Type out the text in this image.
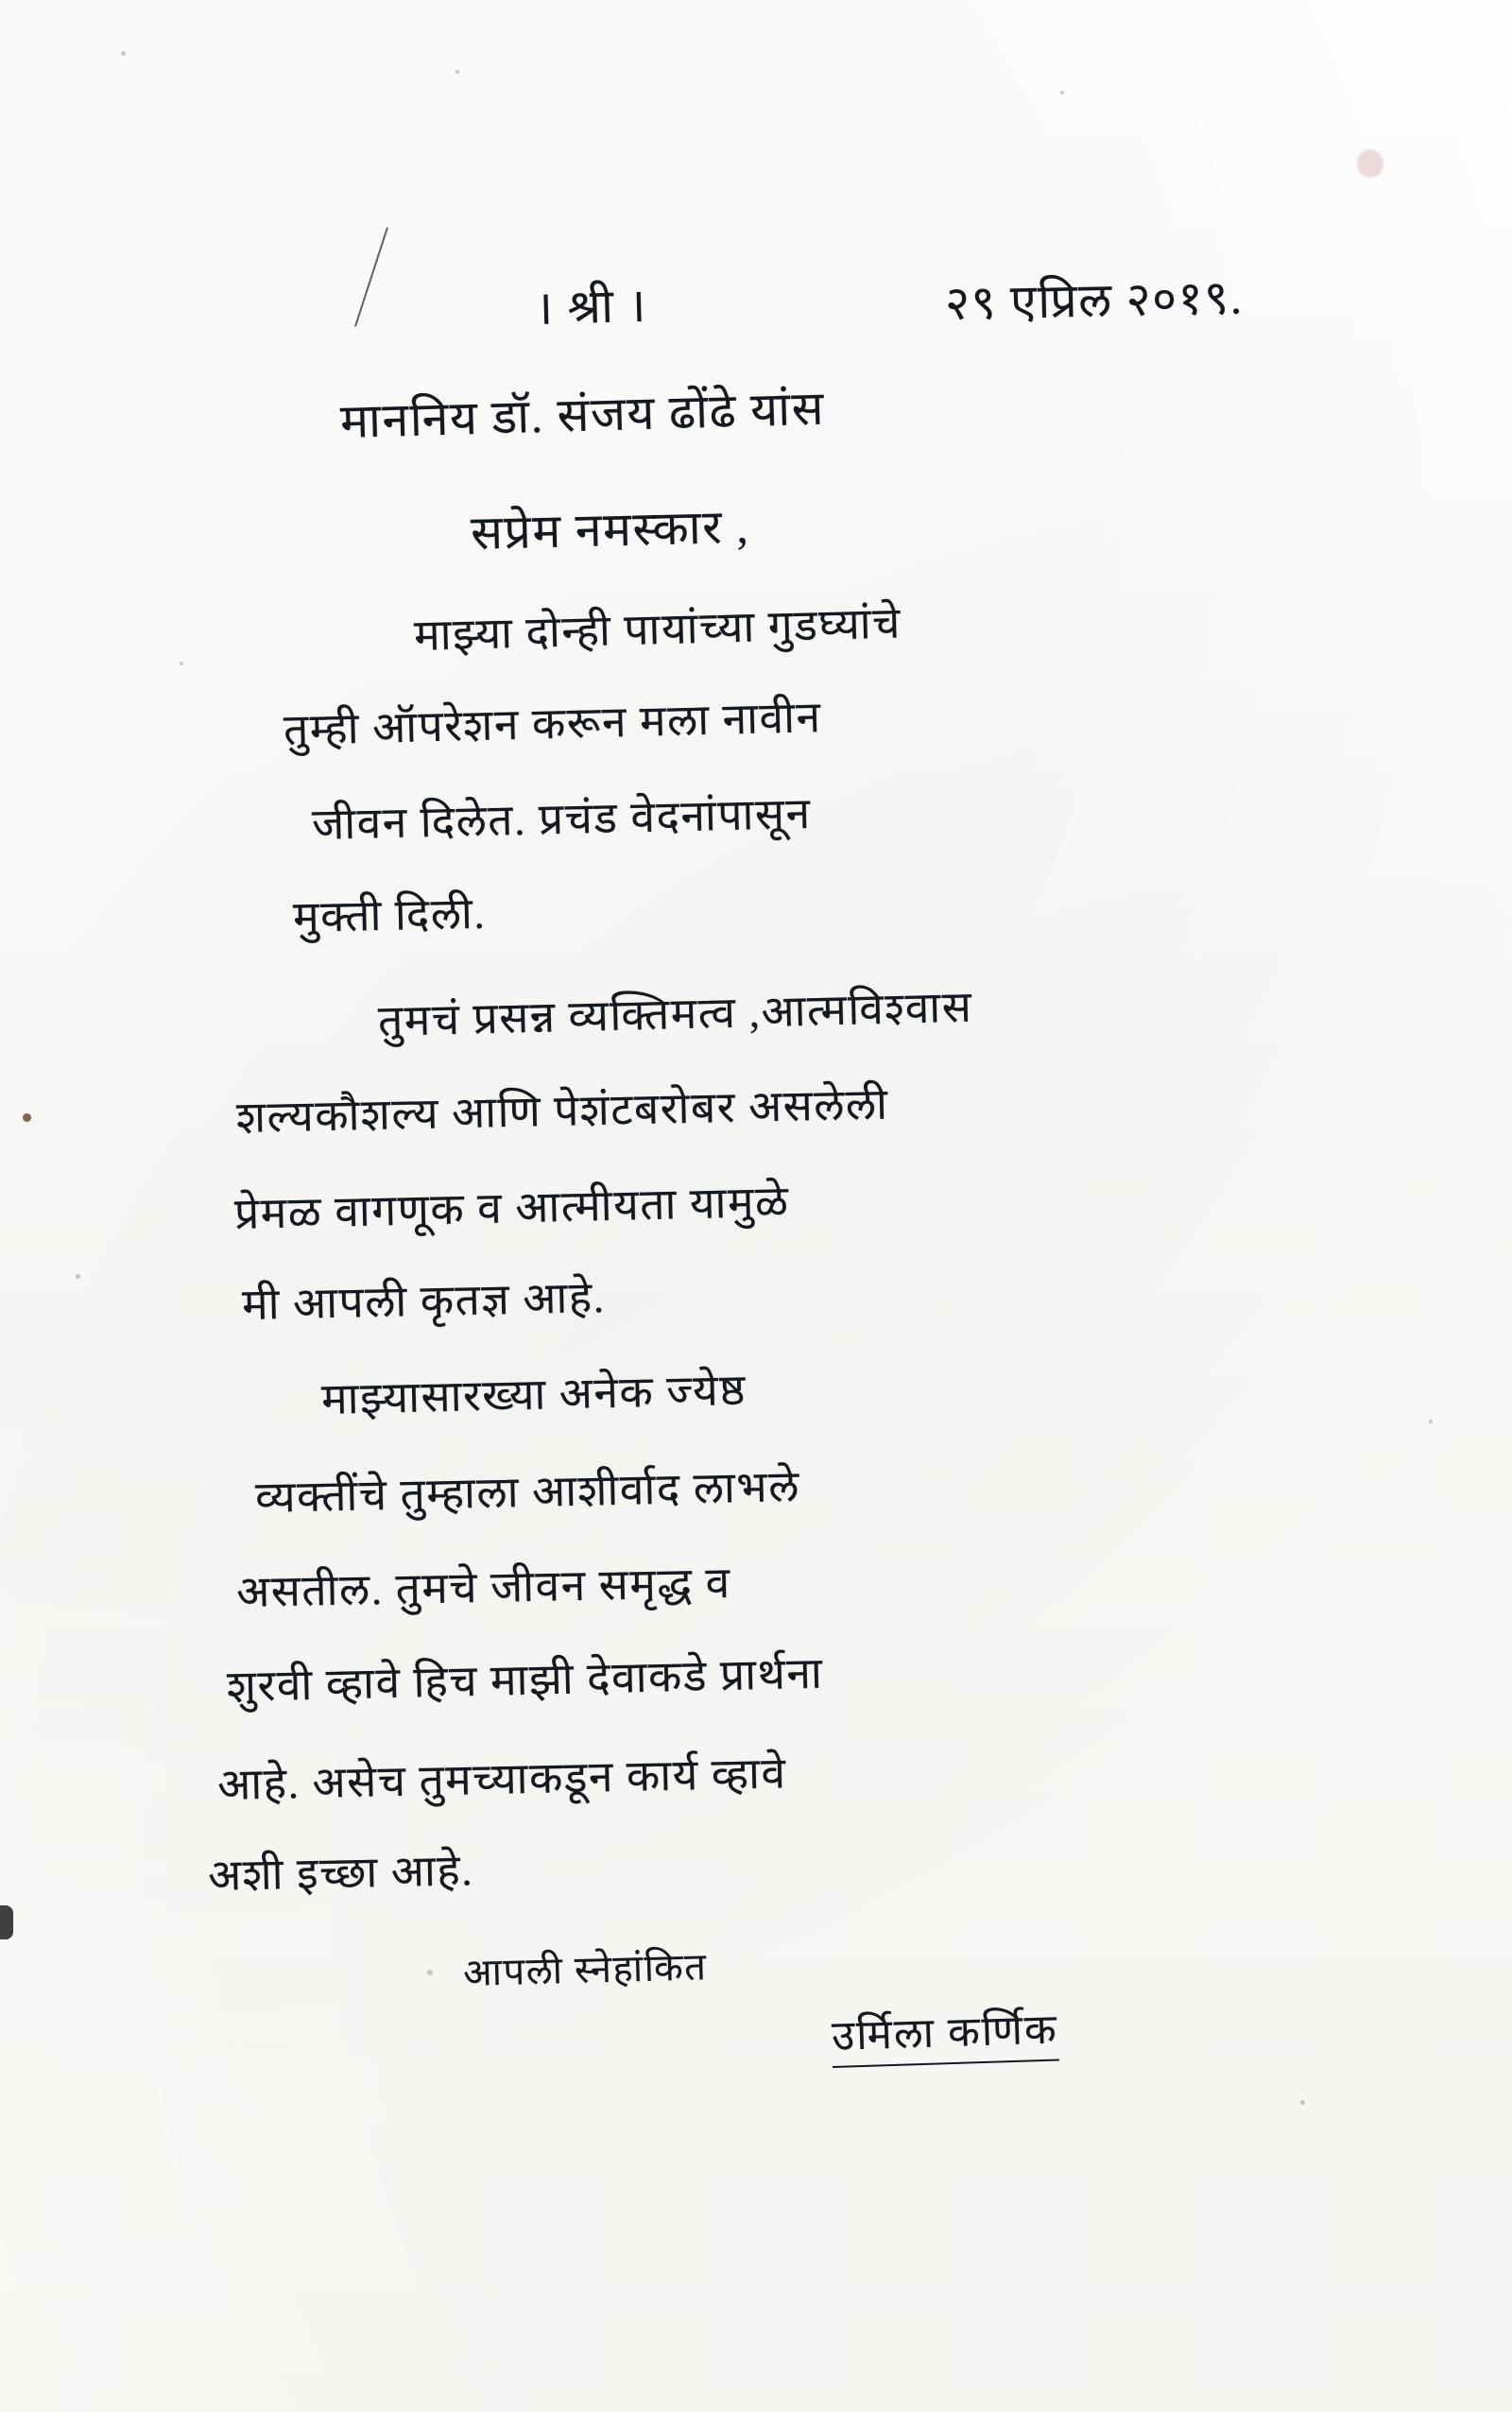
। श्री ।	२९ एप्रिल २०१९.
माननिय डॉ. संजय ढोंढे यांस
सप्रेम नमस्कार ,
माझ्या दोन्ही पायांच्या गुडघ्यांचे
तुम्ही ऑपरेशन करून मला नावीन
जीवन दिलेत. प्रचंड वेदनांपासून
मुक्ती दिली.
तुमचं प्रसन्न व्यक्तिमत्व ,आत्मविश्वास
शल्यकौशल्य आणि पेशंटबरोबर असलेली
प्रेमळ वागणूक व आत्मीयता यामुळे
मी आपली कृतज्ञ आहे.
माझ्यासारख्या अनेक ज्येष्ठ
व्यक्तींचे तुम्हाला आशीर्वाद लाभले
असतील. तुमचे जीवन समृद्ध व
शुरवी व्हावे हिच माझी देवाकडे प्रार्थना
आहे. असेच तुमच्याकडून कार्य व्हावे
अशी इच्छा आहे.
आपली स्नेहांकित
उर्मिला कर्णिक
